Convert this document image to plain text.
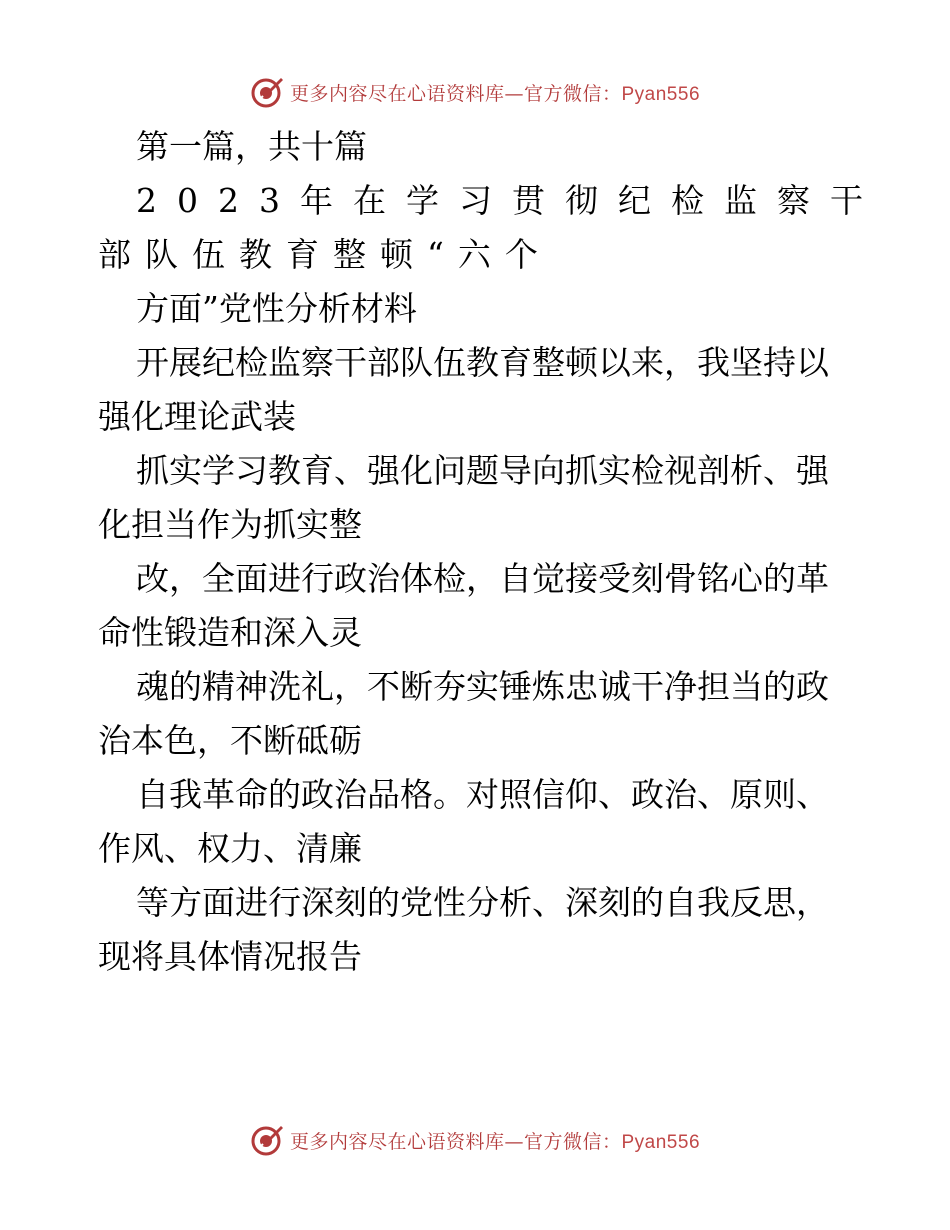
更多内容尽在心语资料库—官方微信：Pyan556
第一篇，共十篇
2023年在学习贯彻纪检监察干
部队伍教育整顿“六个
方面”党性分析材料
开展纪检监察干部队伍教育整顿以来，我坚持以
强化理论武装
抓实学习教育、强化问题导向抓实检视剖析、强
化担当作为抓实整
改，全面进行政治体检，自觉接受刻骨铭心的革
命性锻造和深入灵
魂的精神洗礼，不断夯实锤炼忠诚干净担当的政
治本色，不断砥砺
自我革命的政治品格。对照信仰、政治、原则、
作风、权力、清廉
等方面进行深刻的党性分析、深刻的自我反思，
现将具体情况报告
更多内容尽在心语资料库—官方微信：Pyan556
